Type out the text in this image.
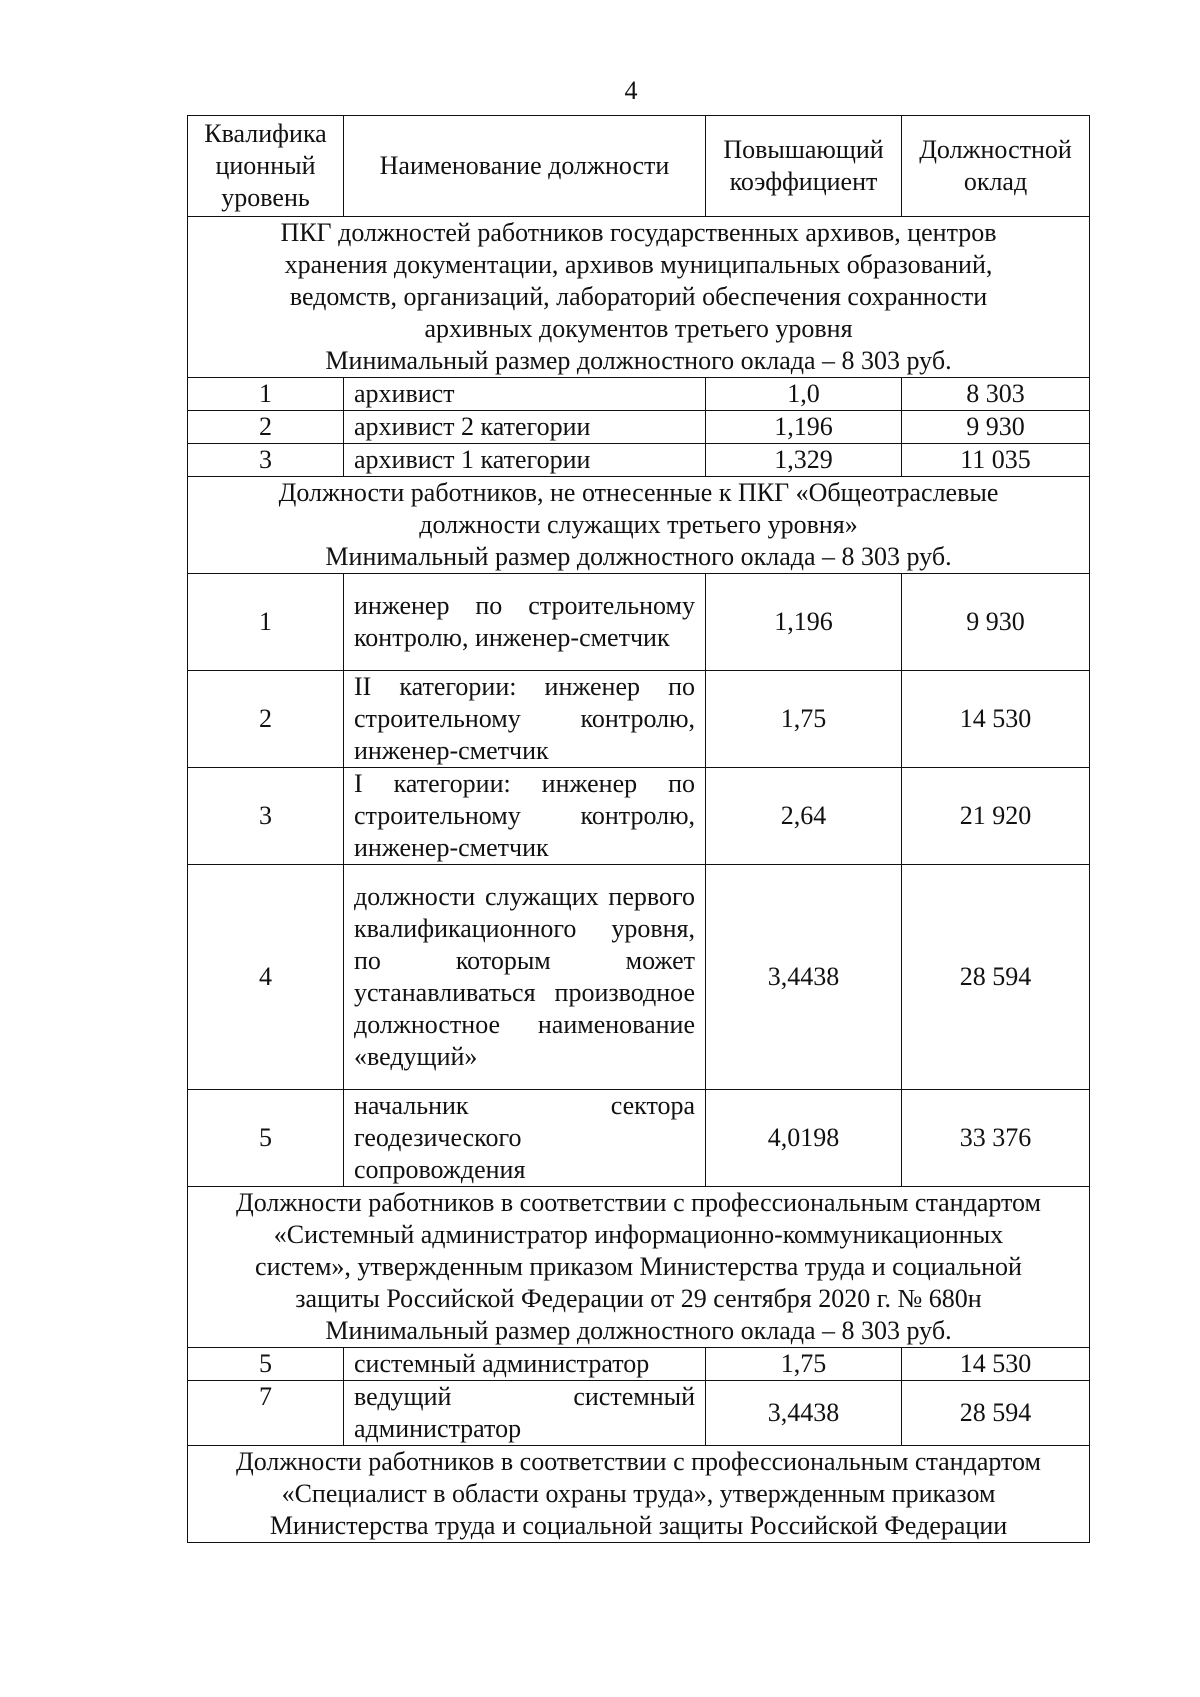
4
Квалифика ционный уровень	Наименование должности	Повышающий коэффициент	Должностной оклад

ПКГ должностей работников государственных архивов, центров
хранения документации, архивов муниципальных образований,
ведомств, организаций, лабораторий обеспечения сохранности
архивных документов третьего уровня
Минимальный размер должностного оклада – 8 303 руб.			

1	архивист	1,0	8 303
2	архивист 2 категории	1,196	9 930
3	архивист 1 категории	1,329	11 035

Должности работников, не отнесенные к ПКГ «Общеотраслевые
должности служащих третьего уровня»
Минимальный размер должностного оклада – 8 303 руб.			

1	инженер по строительному контролю, инженер-сметчик	1,196	9 930
2	II категории: инженер по строительному контролю, инженер-сметчик	1,75	14 530
3	I категории: инженер по строительному контролю, инженер-сметчик	2,64	21 920
4	должности служащих первого квалификационного уровня, по которым может устанавливаться производное должностное наименование «ведущий»	3,4438	28 594
5	начальник сектора геодезического сопровождения	4,0198	33 376

Должности работников в соответствии с профессиональным стандартом
«Системный администратор информационно-коммуникационных
систем», утвержденным приказом Министерства труда и социальной
защиты Российской Федерации от 29 сентября 2020 г. № 680н
Минимальный размер должностного оклада – 8 303 руб.			

5	системный администратор	1,75	14 530
7	ведущий системный администратор	3,4438	28 594

Должности работников в соответствии с профессиональным стандартом
«Специалист в области охраны труда», утвержденным приказом
Министерства труда и социальной защиты Российской Федерации			
